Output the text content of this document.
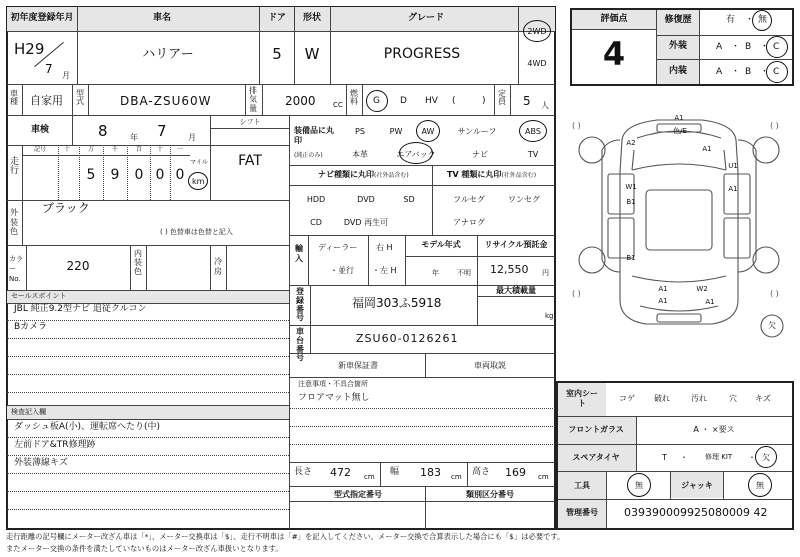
初年度登録年月	車名	ドア 形状	グレード
H29
7 月
ハリアー	5 W	PROGRESS
2WD
4WD
車種 自家用
型式	DBA-ZSU60W
排気量
2000 CC
燃料 G D HV (	)
定員 5 人
車検	8	年 7	月
シフト
FAT
走行
記号	十	万	千	百 十 一
5 9 0 0 0
マイル
km
装備品に丸印
(純正のみ)
PS	PW AW	サンルーフ	ABS
本革	エアバック	ナビ	TV
ナビ種類に丸印(社外品含む)	TV 種類に丸印(社外品含む)
HDD	DVD	SD
CD	DVD 再生可
フルセグ	ワンセグ
アナログ
外装色
ブラック
( ) 色替車は色替と記入
カラーNo.
220
内装色
冷房
輸入
ディーラー
・並行
右 H
・左 H
モデル年式
年	不明
リサイクル預託金
12,550 円
セールスポイント
JBL 純正9.2型ナビ 追従クルコン
Bカメラ
登録番号
福岡303ふ5918
最大積載量
kg
車台番号
ZSU60-0126261
新車保証書	車両取説
注意事項・不具合箇所
フロアマット無し
検査記入欄
ダッシュ板A(小)、運転席へたり(中)
左前ドア&TR修理跡
外装薄線キズ
長さ 472 cm 幅 183 cm 高さ 169 cm
型式指定番号	類別区分番号
評価点
4
修復歴	有 ・ 無
外装	A ・ B ・ C
内装	A ・ B ・ C
( )	( )
( )	( )
A1
色/E
A1
A2
U1
W1
B1
A1
B1
A1
A1
W2
A1
欠
室内シート
コゲ 破れ	汚れ	穴 キズ
フロントガラス	A ・ ×要ス
スペアタイヤ	T ・ 修理 KIT ・ 欠
工具	無	ジャッキ	無
管理番号 039390009925080009 42
走行距離の記号欄にメーター改ざん車は「*」、メーター交換車は「$」、走行不明車は「#」を記入してください。メーター交換で合算表示した場合にも「$」は必要です。
またメーター交換の条件を満たしていないものはメーター改ざん車扱いとなります。
